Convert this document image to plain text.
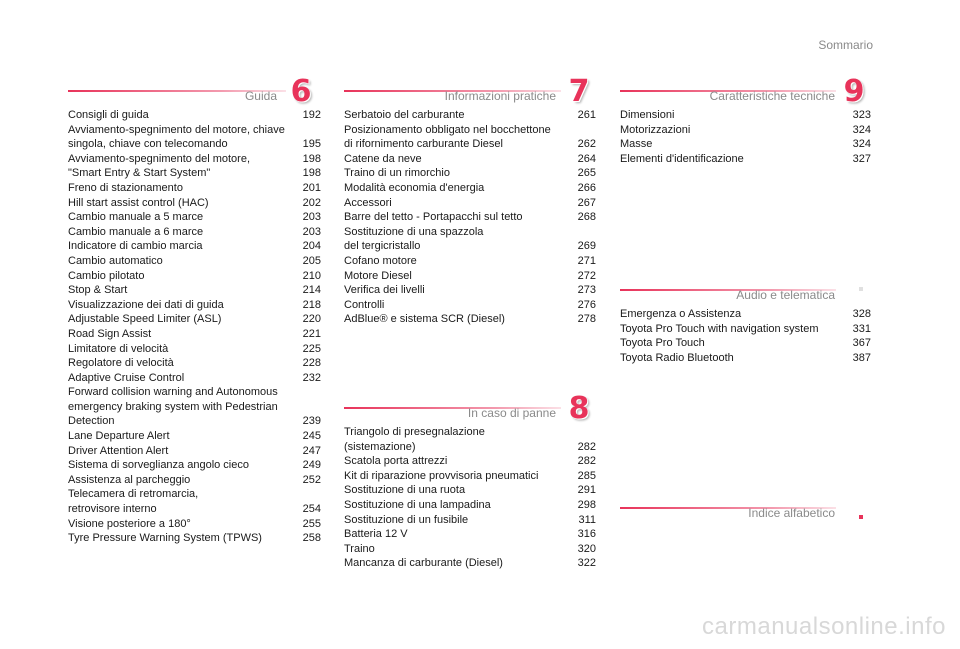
Sommario
Guida 6
Consigli di guida	192
Avviamento-spegnimento del motore, chiave
singola, chiave con telecomando	195
Avviamento-spegnimento del motore,	198
"Smart Entry & Start System"	198
Freno di stazionamento	201
Hill start assist control (HAC)	202
Cambio manuale a 5 marce	203
Cambio manuale a 6 marce	203
Indicatore di cambio marcia	204
Cambio automatico	205
Cambio pilotato	210
Stop & Start	214
Visualizzazione dei dati di guida	218
Adjustable Speed Limiter (ASL)	220
Road Sign Assist	221
Limitatore di velocità	225
Regolatore di velocità	228
Adaptive Cruise Control	232
Forward collision warning and Autonomous
emergency braking system with Pedestrian
Detection	239
Lane Departure Alert	245
Driver Attention Alert	247
Sistema di sorveglianza angolo cieco	249
Assistenza al parcheggio	252
Telecamera di retromarcia,
retrovisore interno	254
Visione posteriore a 180°	255
Tyre Pressure Warning System (TPWS)	258
Informazioni pratiche 7
Serbatoio del carburante	261
Posizionamento obbligato nel bocchettone
di rifornimento carburante Diesel	262
Catene da neve	264
Traino di un rimorchio	265
Modalità economia d'energia	266
Accessori	267
Barre del tetto - Portapacchi sul tetto	268
Sostituzione di una spazzola
del tergicristallo	269
Cofano motore	271
Motore Diesel	272
Verifica dei livelli	273
Controlli	276
AdBlue® e sistema SCR (Diesel)	278
In caso di panne 8
Triangolo di presegnalazione
(sistemazione)	282
Scatola porta attrezzi	282
Kit di riparazione provvisoria pneumatici	285
Sostituzione di una ruota	291
Sostituzione di una lampadina	298
Sostituzione di un fusibile	311
Batteria 12 V	316
Traino	320
Mancanza di carburante (Diesel)	322
Caratteristiche tecniche 9
Dimensioni	323
Motorizzazioni	324
Masse	324
Elementi d'identificazione	327
Audio e telematica
Emergenza o Assistenza	328
Toyota Pro Touch with navigation system	331
Toyota Pro Touch	367
Toyota Radio Bluetooth	387
Indice alfabetico
carmanualsonline.info
